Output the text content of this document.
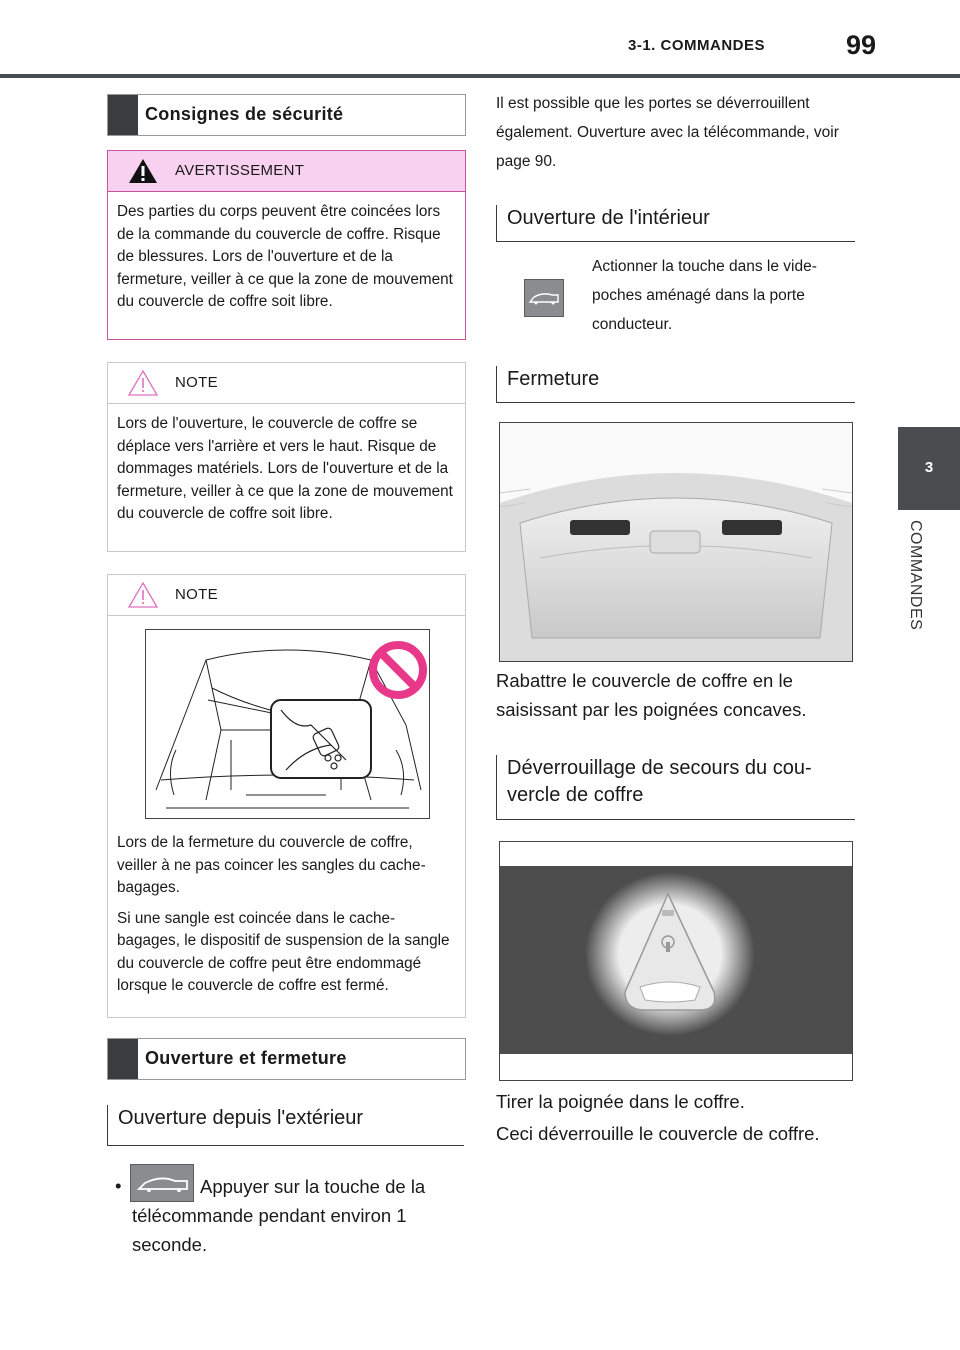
3-1. COMMANDES	99
3
COMMANDES
Consignes de sécurité
AVERTISSEMENT

Des parties du corps peuvent être coincées lors de la commande du couvercle de coffre. Risque de blessures. Lors de l'ouverture et de la fermeture, veiller à ce que la zone de mouvement du couvercle de coffre soit libre.

NOTE

Lors de l'ouverture, le couvercle de coffre se déplace vers l'arrière et vers le haut. Risque de dommages matériels. Lors de l'ouverture et de la fermeture, veiller à ce que la zone de mouvement du couvercle de coffre soit libre.

NOTE

Lors de la fermeture du couvercle de coffre, veiller à ne pas coincer les sangles du cache-bagages.

Si une sangle est coincée dans le cache-bagages, le dispositif de suspension de la sangle du couvercle de coffre peut être endommagé lorsque le couvercle de coffre est fermé.

Ouverture et fermeture
Ouverture depuis l'extérieur
•	Appuyer sur la touche de la télécommande pendant environ 1 seconde.
Il est possible que les portes se déverrouillent également. Ouverture avec la télécommande, voir page 90.
Ouverture de l'intérieur
Actionner la touche dans le vide-poches aménagé dans la porte conducteur.
Fermeture
Rabattre le couvercle de coffre en le saisissant par les poignées concaves.
Déverrouillage de secours du couvercle de coffre
Tirer la poignée dans le coffre.
Ceci déverrouille le couvercle de coffre.
